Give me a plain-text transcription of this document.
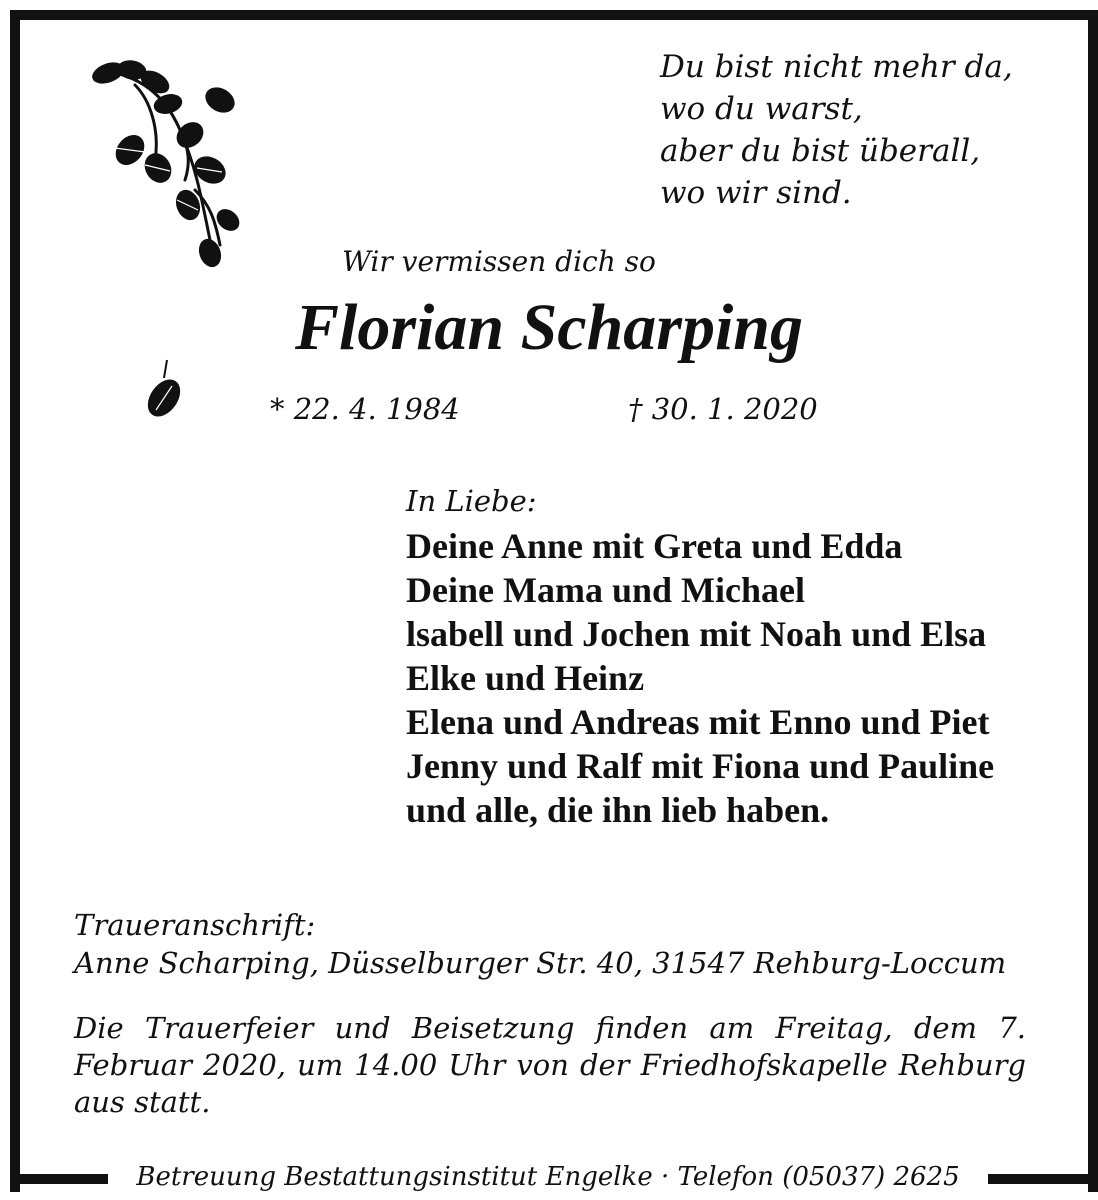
Du bist nicht mehr da,
wo du warst,
aber du bist überall,
wo wir sind.
Wir vermissen dich so
Florian Scharping
* 22. 4. 1984	† 30. 1. 2020
In Liebe:
Deine Anne mit Greta und Edda
Deine Mama und Michael
lsabell und Jochen mit Noah und Elsa
Elke und Heinz
Elena und Andreas mit Enno und Piet
Jenny und Ralf mit Fiona und Pauline
und alle, die ihn lieb haben.
Traueranschrift:
Anne Scharping, Düsselburger Str. 40, 31547 Rehburg-Loccum
Die Trauerfeier und Beisetzung finden am Freitag, dem 7. Februar 2020, um 14.00 Uhr von der Friedhofskapelle Rehburg aus statt.
Betreuung Bestattungsinstitut Engelke · Telefon (05037) 2625
